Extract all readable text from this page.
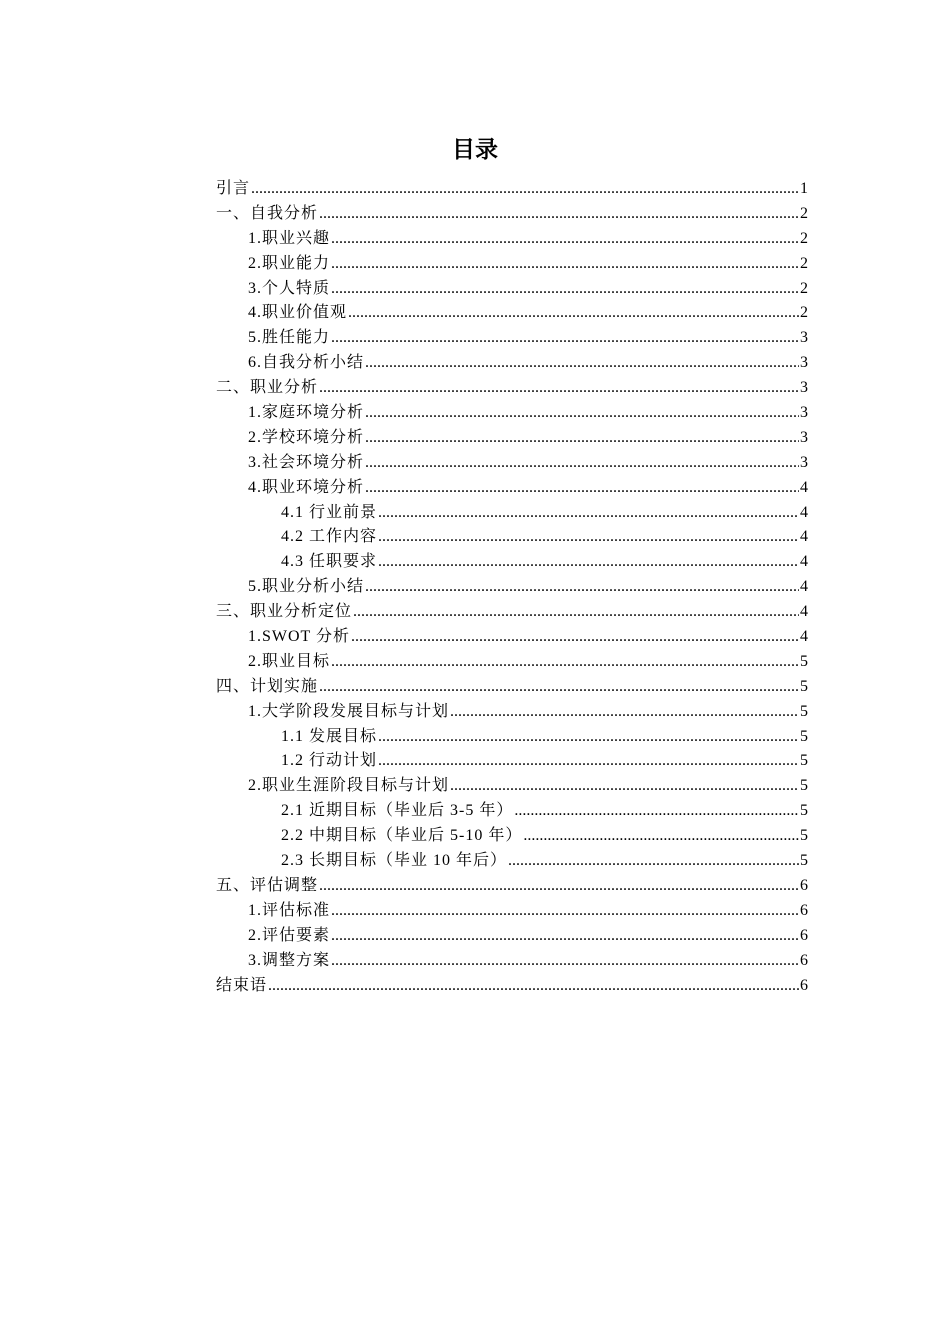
目录
引言 .....	1
一、自我分析 .....	2
1.职业兴趣 .....	2
2.职业能力 .....	2
3.个人特质 .....	2
4.职业价值观 .....	2
5.胜任能力 .....	3
6.自我分析小结 .....	3
二、职业分析 .....	3
1.家庭环境分析 .....	3
2.学校环境分析 .....	3
3.社会环境分析 .....	3
4.职业环境分析 .....	4
4.1 行业前景 .....	4
4.2 工作内容 .....	4
4.3 任职要求 .....	4
5.职业分析小结 .....	4
三、职业分析定位 .....	4
1.SWOT 分析 .....	4
2.职业目标 .....	5
四、计划实施 .....	5
1.大学阶段发展目标与计划 .....	5
1.1 发展目标 .....	5
1.2 行动计划 .....	5
2.职业生涯阶段目标与计划 .....	5
2.1 近期目标（毕业后 3-5 年） .....	5
2.2 中期目标（毕业后 5-10 年） .....	5
2.3 长期目标（毕业 10 年后） .....	5
五、评估调整 .....	6
1.评估标准 .....	6
2.评估要素 .....	6
3.调整方案 .....	6
结束语 .....	6
